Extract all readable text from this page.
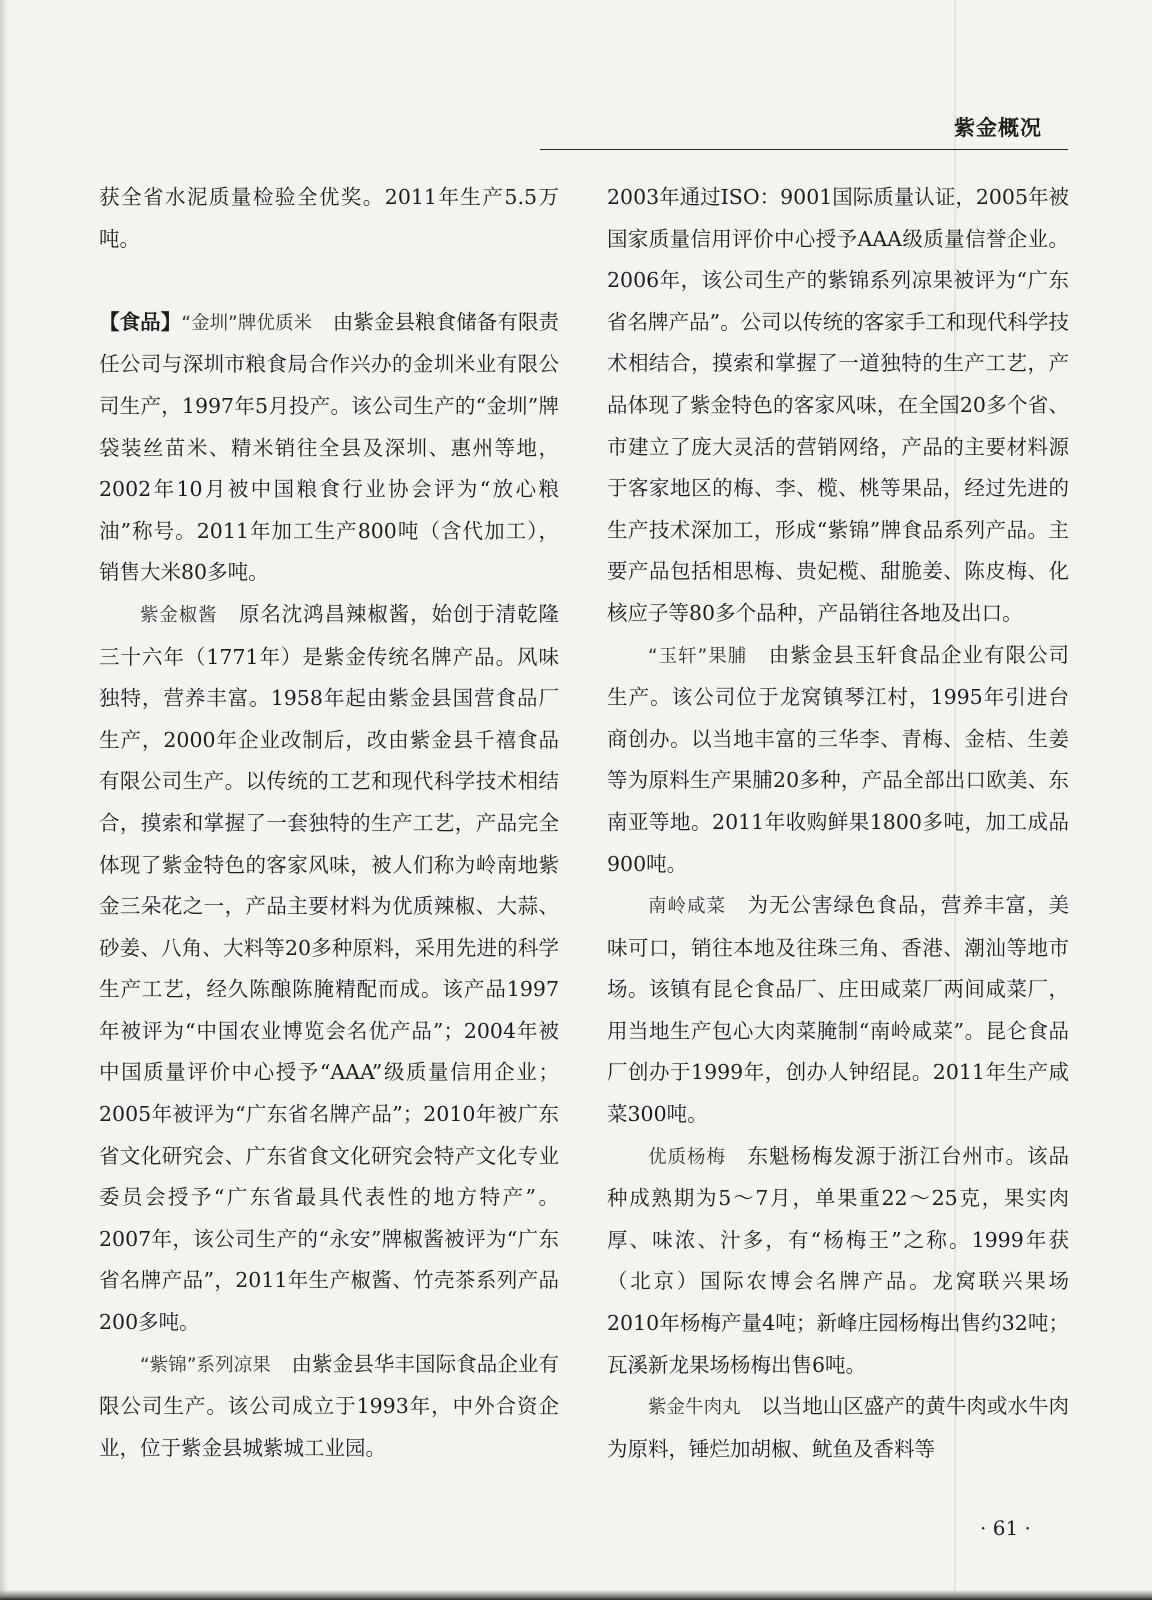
紫金概况

获全省水泥质量检验全优奖。2011年生产5.5万吨。

【食品】“金圳”牌优质米　 由紫金县粮食储备有限责任公司与深圳市粮食局合作兴办的金圳米业有限公司生产，1997年5月投产。该公司生产的“金圳”牌袋装丝苗米、精米销往全县及深圳、惠州等地，2002年10月被中国粮食行业协会评为“放心粮油”称号。2011年加工生产800吨（含代加工），销售大米80多吨。

紫金椒酱　 原名沈鸿昌辣椒酱，始创于清乾隆三十六年（1771年）是紫金传统名牌产品。风味独特，营养丰富。1958年起由紫金县国营食品厂生产，2000年企业改制后，改由紫金县千禧食品有限公司生产。以传统的工艺和现代科学技术相结合，摸索和掌握了一套独特的生产工艺，产品完全体现了紫金特色的客家风味，被人们称为岭南地紫金三朵花之一，产品主要材料为优质辣椒、大蒜、砂姜、八角、大料等20多种原料，采用先进的科学生产工艺，经久陈酿陈腌精配而成。该产品1997年被评为“中国农业博览会名优产品”；2004年被中国质量评价中心授予“AAA”级质量信用企业；2005年被评为“广东省名牌产品”；2010年被广东省文化研究会、广东省食文化研究会特产文化专业委员会授予“广东省最具代表性的地方特产”。2007年，该公司生产的“永安”牌椒酱被评为“广东省名牌产品”，2011年生产椒酱、竹壳茶系列产品200多吨。

“紫锦”系列凉果　 由紫金县华丰国际食品企业有限公司生产。该公司成立于1993年，中外合资企业，位于紫金县城紫城工业园。

2003年通过ISO：9001国际质量认证，2005年被国家质量信用评价中心授予AAA级质量信誉企业。2006年，该公司生产的紫锦系列凉果被评为“广东省名牌产品”。公司以传统的客家手工和现代科学技术相结合，摸索和掌握了一道独特的生产工艺，产品体现了紫金特色的客家风味，在全国20多个省、市建立了庞大灵活的营销网络，产品的主要材料源于客家地区的梅、李、榄、桃等果品，经过先进的生产技术深加工，形成“紫锦”牌食品系列产品。主要产品包括相思梅、贵妃榄、甜脆姜、陈皮梅、化核应子等80多个品种，产品销往各地及出口。

“玉轩”果脯　 由紫金县玉轩食品企业有限公司生产。该公司位于龙窝镇琴江村，1995年引进台商创办。以当地丰富的三华李、青梅、金桔、生姜等为原料生产果脯20多种，产品全部出口欧美、东南亚等地。2011年收购鲜果1800多吨，加工成品900吨。

南岭咸菜　 为无公害绿色食品，营养丰富，美味可口，销往本地及往珠三角、香港、潮汕等地市场。该镇有昆仑食品厂、庄田咸菜厂两间咸菜厂，用当地生产包心大肉菜腌制“南岭咸菜”。昆仑食品厂创办于1999年，创办人钟绍昆。2011年生产咸菜300吨。

优质杨梅　 东魁杨梅发源于浙江台州市。该品种成熟期为5～7月，单果重22～25克，果实肉厚、味浓、汁多，有“杨梅王”之称。1999年获（北京）国际农博会名牌产品。龙窝联兴果场2010年杨梅产量4吨；新峰庄园杨梅出售约32吨；瓦溪新龙果场杨梅出售6吨。

紫金牛肉丸　 以当地山区盛产的黄牛肉或水牛肉为原料，锤烂加胡椒、鱿鱼及香料等

· 61 ·
